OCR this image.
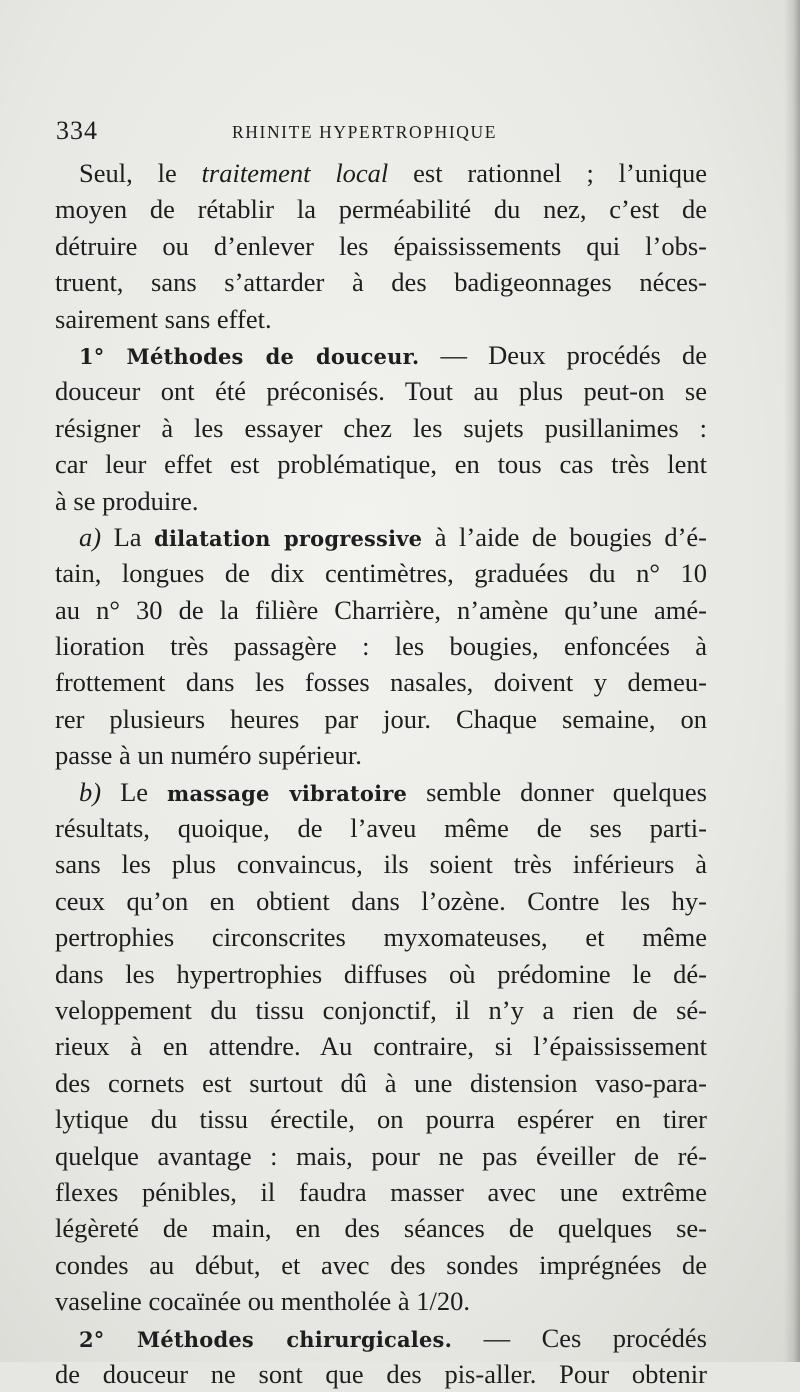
334	RHINITE HYPERTROPHIQUE
Seul, le traitement local est rationnel ; l’unique
moyen de rétablir la perméabilité du nez, c’est de
détruire ou d’enlever les épaississements qui l’obs-
truent, sans s’attarder à des badigeonnages néces-
sairement sans effet.
1° Méthodes de douceur. — Deux procédés de
douceur ont été préconisés. Tout au plus peut-on se
résigner à les essayer chez les sujets pusillanimes :
car leur effet est problématique, en tous cas très lent
à se produire.
a) La dilatation progressive à l’aide de bougies d’é-
tain, longues de dix centimètres, graduées du n° 10
au n° 30 de la filière Charrière, n’amène qu’une amé-
lioration très passagère : les bougies, enfoncées à
frottement dans les fosses nasales, doivent y demeu-
rer plusieurs heures par jour. Chaque semaine, on
passe à un numéro supérieur.
b) Le massage vibratoire semble donner quelques
résultats, quoique, de l’aveu même de ses parti-
sans les plus convaincus, ils soient très inférieurs à
ceux qu’on en obtient dans l’ozène. Contre les hy-
pertrophies circonscrites myxomateuses, et même
dans les hypertrophies diffuses où prédomine le dé-
veloppement du tissu conjonctif, il n’y a rien de sé-
rieux à en attendre. Au contraire, si l’épaississement
des cornets est surtout dû à une distension vaso-para-
lytique du tissu érectile, on pourra espérer en tirer
quelque avantage : mais, pour ne pas éveiller de ré-
flexes pénibles, il faudra masser avec une extrême
légèreté de main, en des séances de quelques se-
condes au début, et avec des sondes imprégnées de
vaseline cocaïnée ou mentholée à 1/20.
2° Méthodes chirurgicales. — Ces procédés
de douceur ne sont que des pis-aller. Pour obtenir
